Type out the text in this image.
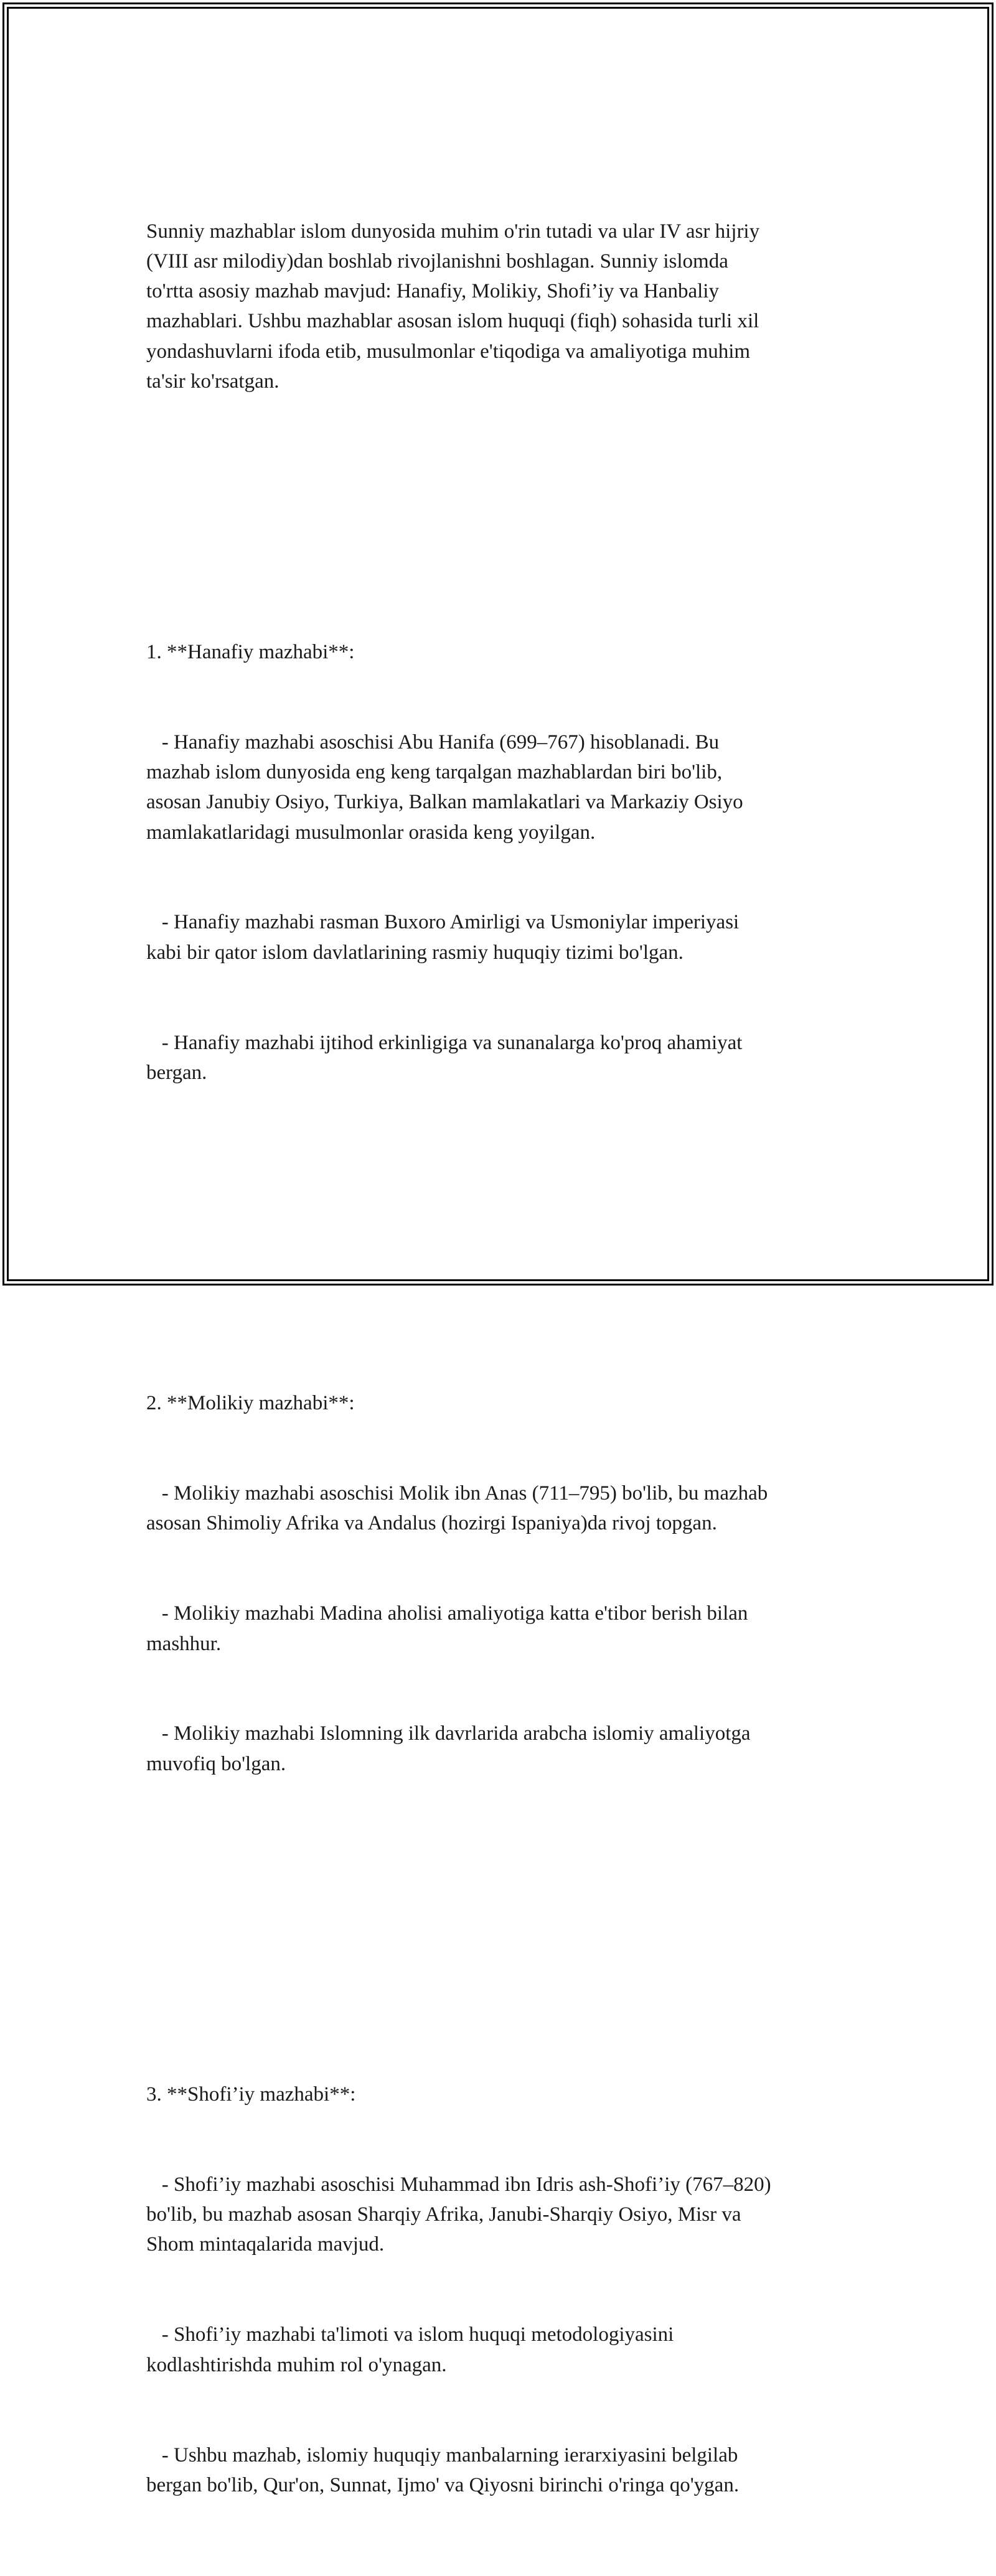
Sunniy mazhablar islom dunyosida muhim o'rin tutadi va ular IV asr hijriy
(VIII asr milodiy)dan boshlab rivojlanishni boshlagan. Sunniy islomda
to'rtta asosiy mazhab mavjud: Hanafiy, Molikiy, Shofi’iy va Hanbaliy
mazhablari. Ushbu mazhablar asosan islom huquqi (fiqh) sohasida turli xil
yondashuvlarni ifoda etib, musulmonlar e'tiqodiga va amaliyotiga muhim
ta'sir ko'rsatgan.

1. **Hanafiy mazhabi**:

- Hanafiy mazhabi asoschisi Abu Hanifa (699–767) hisoblanadi. Bu
mazhab islom dunyosida eng keng tarqalgan mazhablardan biri bo'lib,
asosan Janubiy Osiyo, Turkiya, Balkan mamlakatlari va Markaziy Osiyo
mamlakatlaridagi musulmonlar orasida keng yoyilgan.

- Hanafiy mazhabi rasman Buxoro Amirligi va Usmoniylar imperiyasi
kabi bir qator islom davlatlarining rasmiy huquqiy tizimi bo'lgan.

- Hanafiy mazhabi ijtihod erkinligiga va sunanalarga ko'proq ahamiyat
bergan.

2. **Molikiy mazhabi**:

- Molikiy mazhabi asoschisi Molik ibn Anas (711–795) bo'lib, bu mazhab
asosan Shimoliy Afrika va Andalus (hozirgi Ispaniya)da rivoj topgan.

- Molikiy mazhabi Madina aholisi amaliyotiga katta e'tibor berish bilan
mashhur.

- Molikiy mazhabi Islomning ilk davrlarida arabcha islomiy amaliyotga
muvofiq bo'lgan.

3. **Shofi’iy mazhabi**:

- Shofi’iy mazhabi asoschisi Muhammad ibn Idris ash-Shofi’iy (767–820)
bo'lib, bu mazhab asosan Sharqiy Afrika, Janubi-Sharqiy Osiyo, Misr va
Shom mintaqalarida mavjud.

- Shofi’iy mazhabi ta'limoti va islom huquqi metodologiyasini
kodlashtirishda muhim rol o'ynagan.

- Ushbu mazhab, islomiy huquqiy manbalarning ierarxiyasini belgilab
bergan bo'lib, Qur'on, Sunnat, Ijmo' va Qiyosni birinchi o'ringa qo'ygan.
